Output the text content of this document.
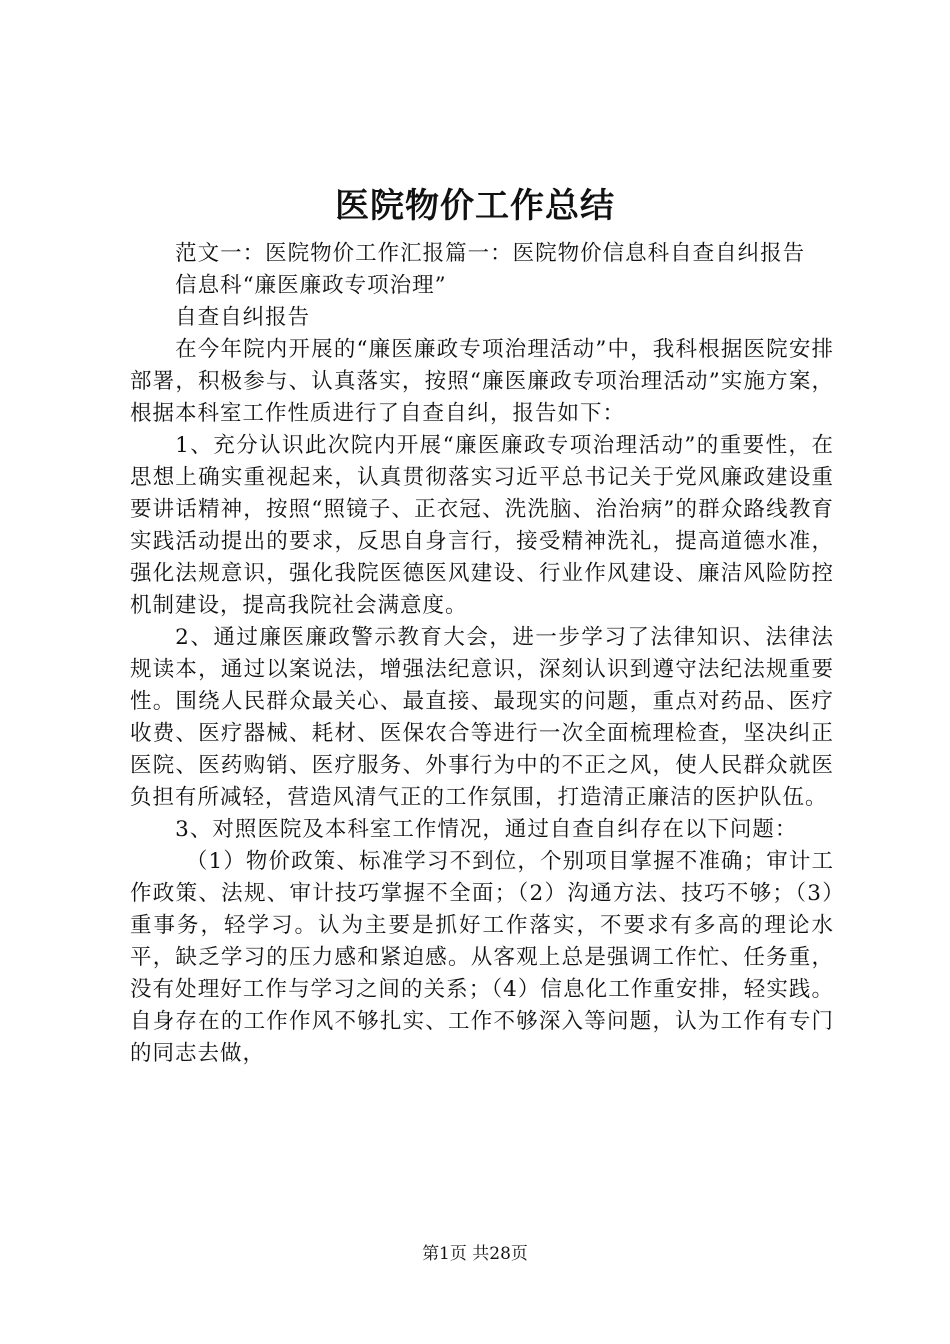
医院物价工作总结

范文一：医院物价工作汇报篇一：医院物价信息科自查自纠报告

信息科“廉医廉政专项治理”

自查自纠报告

在今年院内开展的“廉医廉政专项治理活动”中，我科根据医院安排部署，积极参与、认真落实，按照“廉医廉政专项治理活动”实施方案，根据本科室工作性质进行了自查自纠，报告如下：

1、充分认识此次院内开展“廉医廉政专项治理活动”的重要性，在思想上确实重视起来，认真贯彻落实习近平总书记关于党风廉政建设重要讲话精神，按照“照镜子、正衣冠、洗洗脑、治治病”的群众路线教育实践活动提出的要求，反思自身言行，接受精神洗礼，提高道德水准，强化法规意识，强化我院医德医风建设、行业作风建设、廉洁风险防控机制建设，提高我院社会满意度。

2、通过廉医廉政警示教育大会，进一步学习了法律知识、法律法规读本，通过以案说法，增强法纪意识，深刻认识到遵守法纪法规重要性。围绕人民群众最关心、最直接、最现实的问题，重点对药品、医疗收费、医疗器械、耗材、医保农合等进行一次全面梳理检查，坚决纠正医院、医药购销、医疗服务、外事行为中的不正之风，使人民群众就医负担有所减轻，营造风清气正的工作氛围，打造清正廉洁的医护队伍。

3、对照医院及本科室工作情况，通过自查自纠存在以下问题：

（1）物价政策、标准学习不到位，个别项目掌握不准确；审计工作政策、法规、审计技巧掌握不全面；（2）沟通方法、技巧不够；（3）重事务，轻学习。认为主要是抓好工作落实，不要求有多高的理论水平，缺乏学习的压力感和紧迫感。从客观上总是强调工作忙、任务重，没有处理好工作与学习之间的关系；（4）信息化工作重安排，轻实践。自身存在的工作作风不够扎实、工作不够深入等问题，认为工作有专门的同志去做，

第1页 共28页
